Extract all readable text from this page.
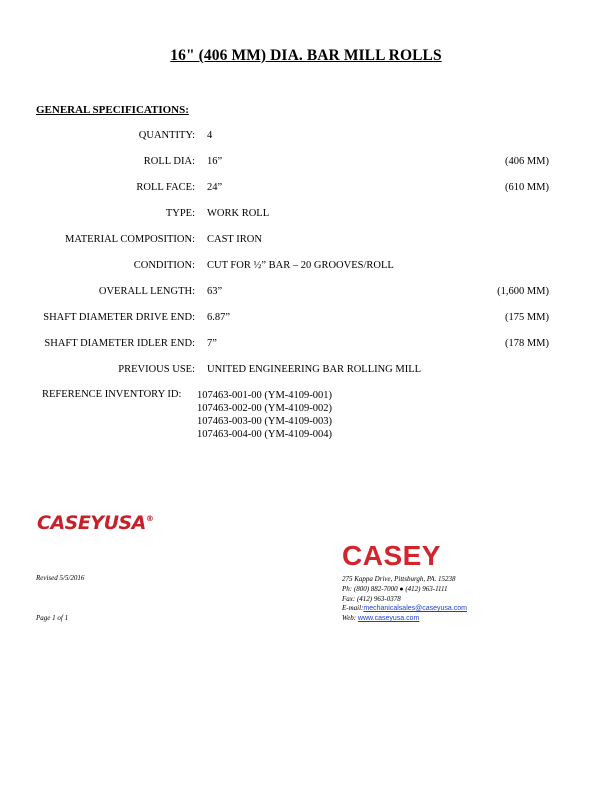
16" (406 MM) DIA. BAR MILL ROLLS
GENERAL SPECIFICATIONS:
QUANTITY: 4
ROLL DIA: 16”	(406 MM)
ROLL FACE: 24”	(610 MM)
TYPE: WORK ROLL
MATERIAL COMPOSITION: CAST IRON
CONDITION: CUT FOR ½” BAR – 20 GROOVES/ROLL
OVERALL LENGTH: 63”	(1,600 MM)
SHAFT DIAMETER DRIVE END: 6.87”	(175 MM)
SHAFT DIAMETER IDLER END: 7”	(178 MM)
PREVIOUS USE: UNITED ENGINEERING BAR ROLLING MILL
REFERENCE INVENTORY ID: 107463-001-00 (YM-4109-001)
107463-002-00 (YM-4109-002)
107463-003-00 (YM-4109-003)
107463-004-00 (YM-4109-004)
CASEYUSA®
CASEY
Revised 5/5/2016
Page 1 of 1
275 Kappa Drive, Pittsburgh, PA. 15238
Ph: (800) 882-7000 ● (412) 963-1111
Fax: (412) 963-0378
E-mail:mechanicalsales@caseyusa.com
Web: www.caseyusa.com
